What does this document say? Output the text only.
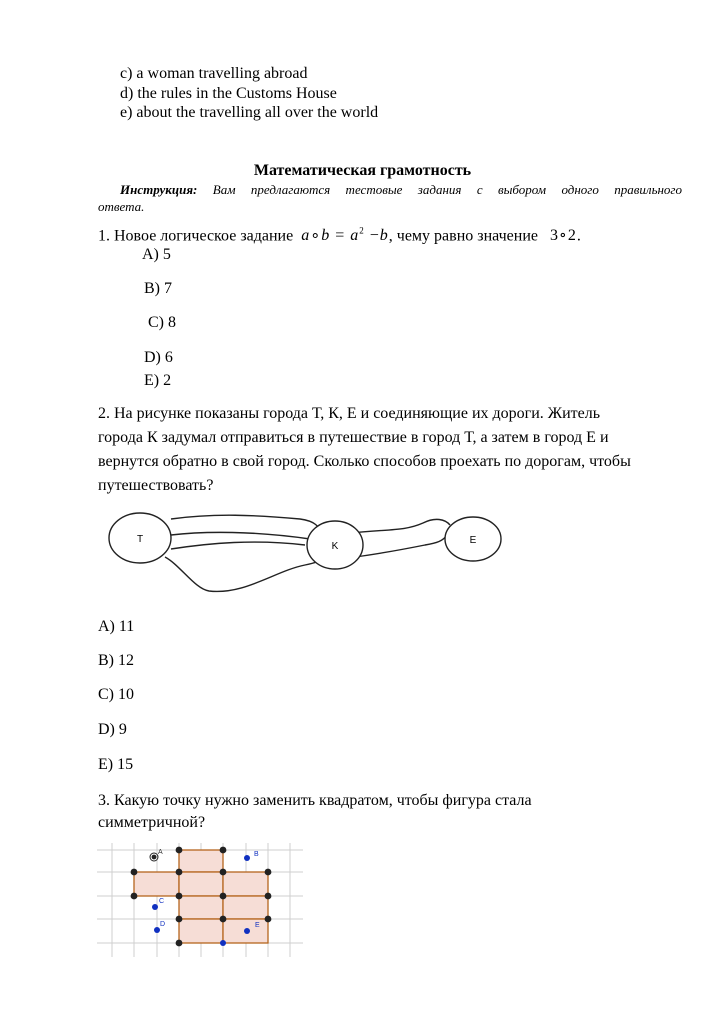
c) a woman travelling abroad
d) the rules in the Customs House
e) about the travelling all over the world
Математическая грамотность
Инструкция: Вам предлагаются тестовые задания с выбором одного правильного
ответа.
1. Новое логическое задание a∘b = $a^2 -b$, чему равно значение 3∘2.
A) 5
B) 7
C) 8
D) 6
E) 2
2. На рисунке показаны города Т, К, Е и соединяющие их дороги. Житель
города К задумал отправиться в путешествие в город Т, а затем в город Е и
вернутся обратно в свой город. Сколько способов проехать по дорогам, чтобы
путешествовать?
T
K
E
A) 11
B) 12
C) 10
D) 9
E) 15
3. Какую точку нужно заменить квадратом, чтобы фигура стала
симметричной?
A	B
C
D	E
